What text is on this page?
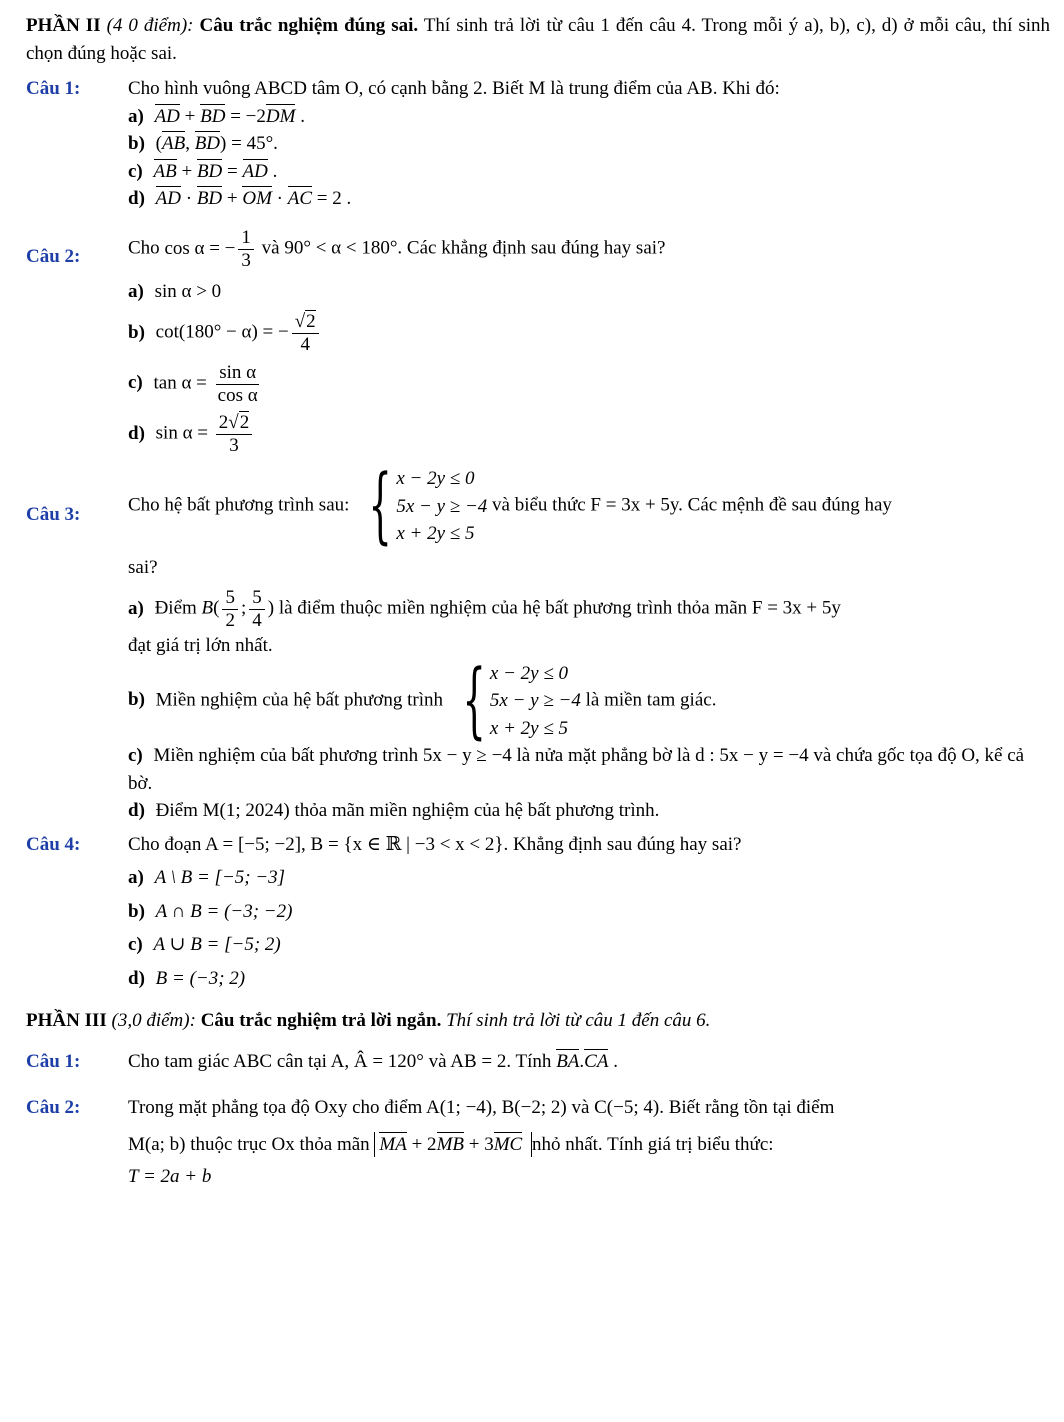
PHẦN II (4 0 điểm): Câu trắc nghiệm đúng sai. Thí sinh trả lời từ câu 1 đến câu 4. Trong mỗi ý a), b), c), d) ở mỗi câu, thí sinh chọn đúng hoặc sai.
Câu 1:	Cho hình vuông ABCD tâm O, có cạnh bằng 2. Biết M là trung điểm của AB. Khi đó:
a) AD + BD = −2DM .
b) (AB, BD) = 45°.
c) AB + BD = AD .
d) AD · BD + OM · AC = 2 .
Câu 2:	Cho cos α = − $\frac{1}{3}$ và 90° < α < 180°. Các khẳng định sau đúng hay sai?
a) sin α > 0
b) cot(180° − α) = − $\frac{√2}{4}$
c) $\tan \alpha = \frac{\text{sin α}}{\text{cos α}}$
d) $\sin \alpha = \frac{2√2}{3}$
Câu 3:	Cho hệ bất phương trình sau: { x − 2y ≤ 0
5x − y ≥ −4
x + 2y ≤ 5
và biểu thức F = 3x + 5y. Các mệnh đề sau đúng hay
sai?
a) Điểm $B( \frac{5}{2}$ ; $\frac{5}{4}$ ) là điểm thuộc miền nghiệm của hệ bất phương trình thỏa mãn F = 3x + 5y
đạt giá trị lớn nhất.
b) Miền nghiệm của hệ bất phương trình { x − 2y ≤ 0
5x − y ≥ −4
x + 2y ≤ 5
là miền tam giác.
c) Miền nghiệm của bất phương trình 5x − y ≥ −4 là nửa mặt phẳng bờ là d : 5x − y = −4 và chứa gốc tọa độ O, kể cả bờ.
d) Điểm M(1; 2024) thỏa mãn miền nghiệm của hệ bất phương trình.
Câu 4:	Cho đoạn A = [−5; −2], B = {x ∈ ℝ | −3 < x < 2}. Khẳng định sau đúng hay sai?
a) A \ B = [−5; −3]
b) A ∩ B = (−3; −2)
c) A ∪ B = [−5; 2)
d) B = (−3; 2)
PHẦN III (3,0 điểm): Câu trắc nghiệm trả lời ngắn. Thí sinh trả lời từ câu 1 đến câu 6.
Câu 1:	Cho tam giác ABC cân tại A, Â = 120° và AB = 2. Tính BA.CA .
Câu 2:	Trong mặt phẳng tọa độ Oxy cho điểm A(1; −4), B(−2; 2) và C(−5; 4). Biết rằng tồn tại điểm
M(a; b) thuộc trục Ox thỏa mãn MA + 2MB + 3MC nhỏ nhất. Tính giá trị biểu thức:
T = 2a + b
